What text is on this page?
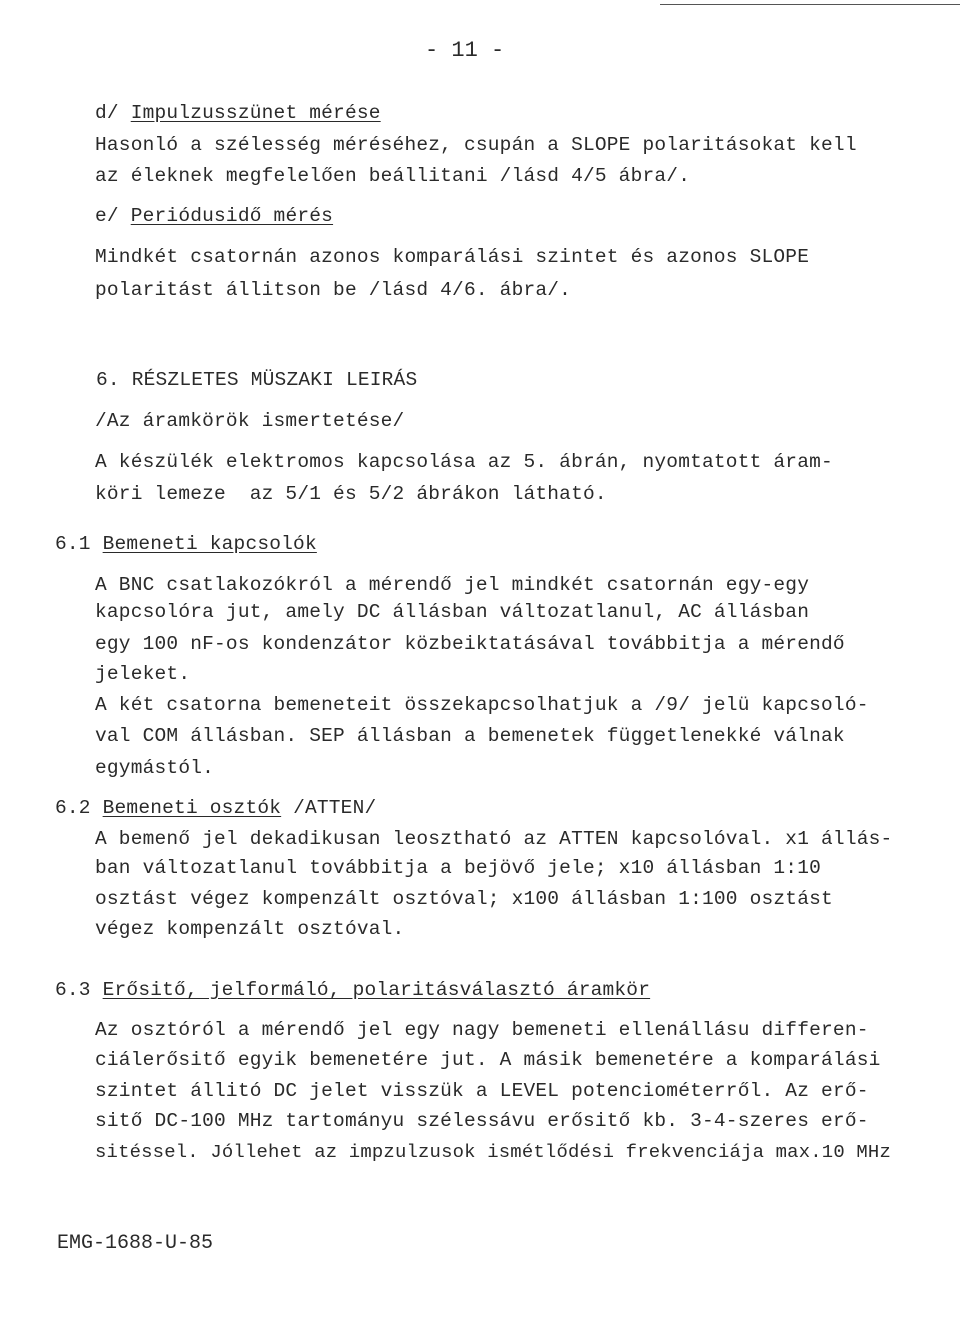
- 11 -
d/ Impulzusszünet mérése
Hasonló a szélesség méréséhez, csupán a SLOPE polaritásokat kell
az éleknek megfelelően beállitani /lásd 4/5 ábra/.
e/ Periódusidő mérés
Mindkét csatornán azonos komparálási szintet és azonos SLOPE
polaritást állitson be /lásd 4/6. ábra/.
6. RÉSZLETES MÜSZAKI LEIRÁS
/Az áramkörök ismertetése/
A készülék elektromos kapcsolása az 5. ábrán, nyomtatott áram-
köri lemeze  az 5/1 és 5/2 ábrákon látható.
6.1 Bemeneti kapcsolók
A BNC csatlakozókról a mérendő jel mindkét csatornán egy-egy
kapcsolóra jut, amely DC állásban változatlanul, AC állásban
egy 100 nF-os kondenzátor közbeiktatásával továbbitja a mérendő
jeleket.
A két csatorna bemeneteit összekapcsolhatjuk a /9/ jelü kapcsoló-
val COM állásban. SEP állásban a bemenetek függetlenekké válnak
egymástól.
6.2 Bemeneti osztók /ATTEN/
A bemenő jel dekadikusan leosztható az ATTEN kapcsolóval. x1 állás-
ban változatlanul továbbitja a bejövő jele; x10 állásban 1:10
osztást végez kompenzált osztóval; x100 állásban 1:100 osztást
végez kompenzált osztóval.
6.3 Erősitő, jelformáló, polaritásválasztó áramkör
Az osztóról a mérendő jel egy nagy bemeneti ellenállásu differen-
ciálerősitő egyik bemenetére jut. A másik bemenetére a komparálási
szintet állitó DC jelet visszük a LEVEL potenciométerről. Az erő-
sitő DC-100 MHz tartományu szélessávu erősitő kb. 3-4-szeres erő-
sitéssel. Jóllehet az impzulzusok ismétlődési frekvenciája max.10 MHz
EMG-1688-U-85
